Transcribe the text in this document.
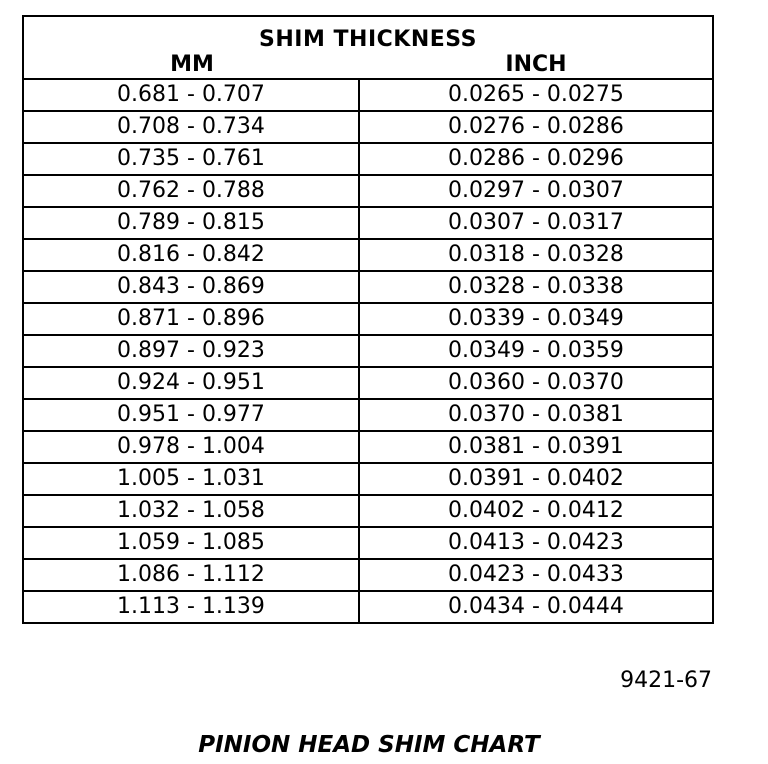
SHIM THICKNESS
MM INCH	

0.681 - 0.707	0.0265 - 0.0275
0.708 - 0.734	0.0276 - 0.0286
0.735 - 0.761	0.0286 - 0.0296
0.762 - 0.788	0.0297 - 0.0307
0.789 - 0.815	0.0307 - 0.0317
0.816 - 0.842	0.0318 - 0.0328
0.843 - 0.869	0.0328 - 0.0338
0.871 - 0.896	0.0339 - 0.0349
0.897 - 0.923	0.0349 - 0.0359
0.924 - 0.951	0.0360 - 0.0370
0.951 - 0.977	0.0370 - 0.0381
0.978 - 1.004	0.0381 - 0.0391
1.005 - 1.031	0.0391 - 0.0402
1.032 - 1.058	0.0402 - 0.0412
1.059 - 1.085	0.0413 - 0.0423
1.086 - 1.112	0.0423 - 0.0433
1.113 - 1.139	0.0434 - 0.0444
9421-67
PINION HEAD SHIM CHART
